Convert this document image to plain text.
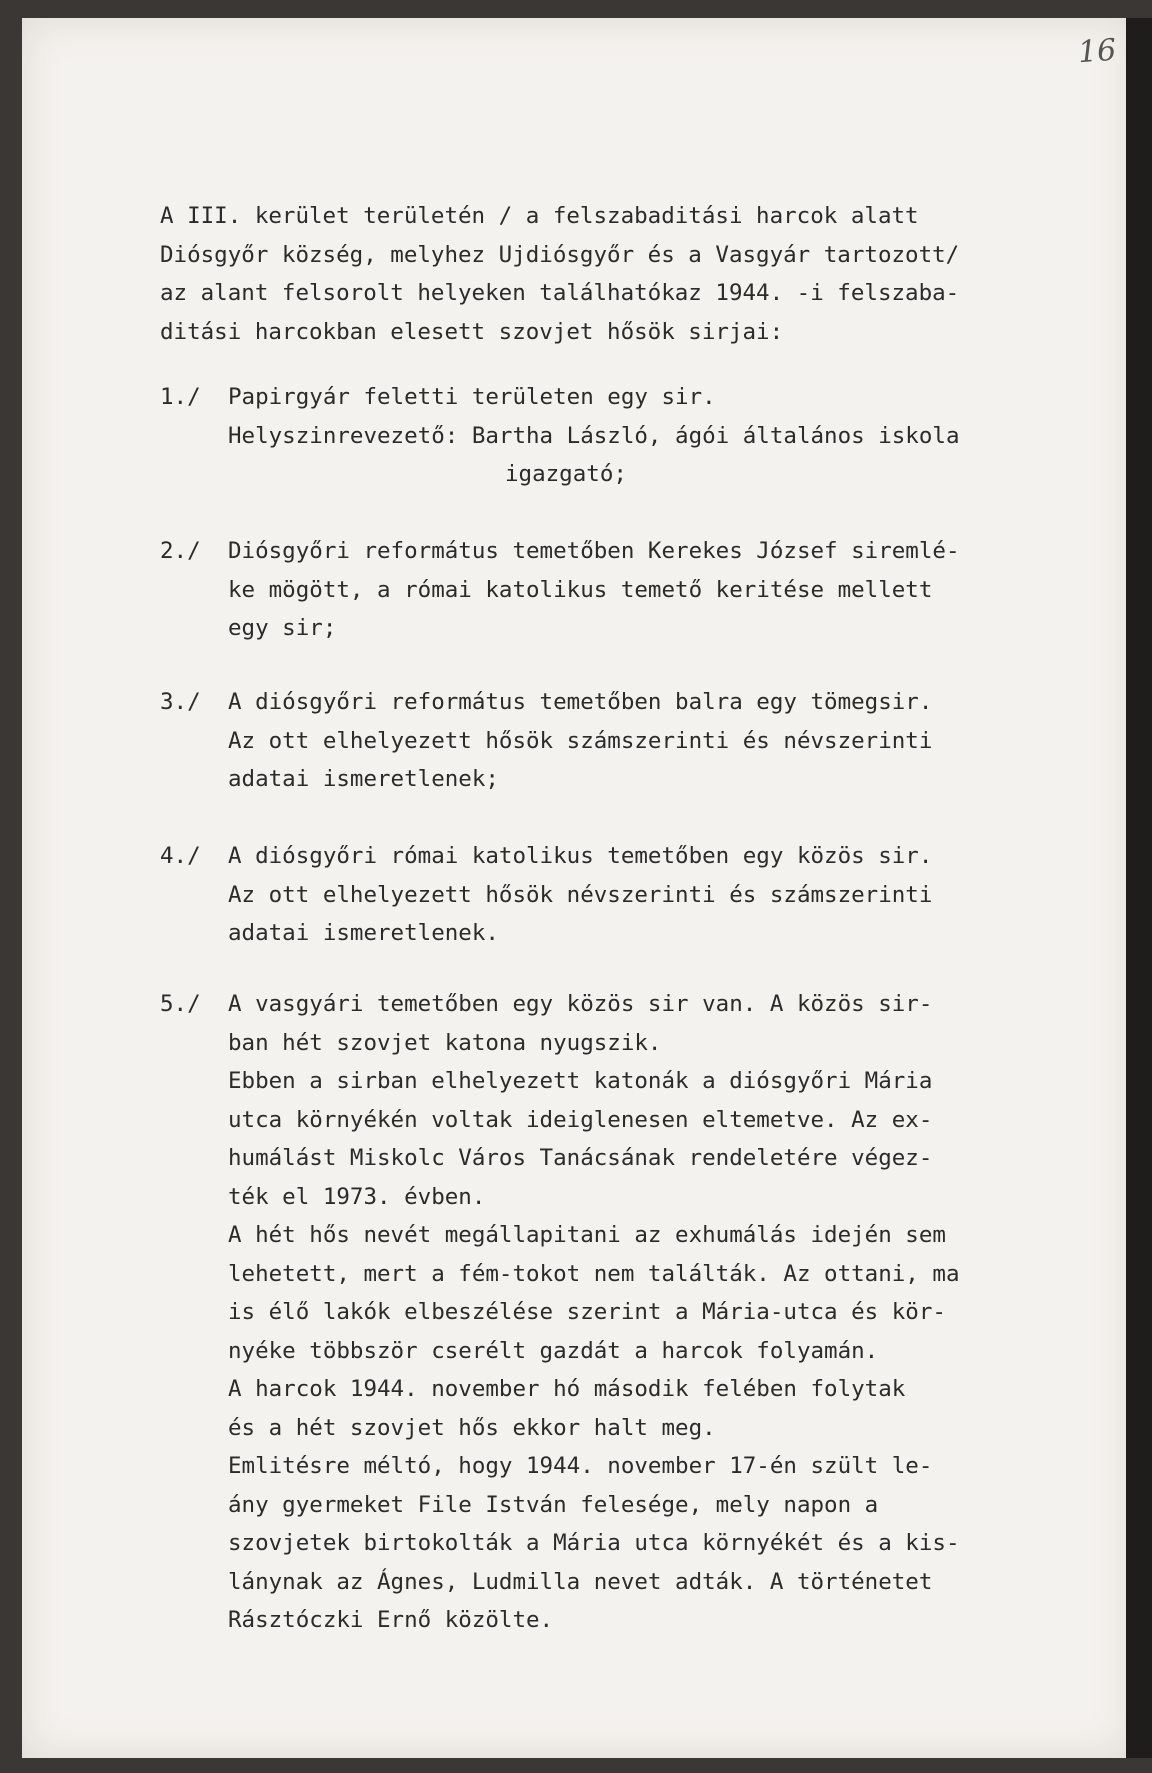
16
A III. kerület területén / a felszabaditási harcok alatt
Diósgyőr község, melyhez Ujdiósgyőr és a Vasgyár tartozott/
az alant felsorolt helyeken találhatókaz 1944. -i felszaba-
ditási harcokban elesett szovjet hősök sirjai:
1./ Papirgyár feletti területen egy sir.
Helyszinrevezető: Bartha László, ágói általános iskola
igazgató;
2./ Diósgyőri református temetőben Kerekes József siremlé-
ke mögött, a római katolikus temető keritése mellett
egy sir;
3./ A diósgyőri református temetőben balra egy tömegsir.
Az ott elhelyezett hősök számszerinti és névszerinti
adatai ismeretlenek;
4./ A diósgyőri római katolikus temetőben egy közös sir.
Az ott elhelyezett hősök névszerinti és számszerinti
adatai ismeretlenek.
5./ A vasgyári temetőben egy közös sir van. A közös sir-
ban hét szovjet katona nyugszik.
Ebben a sirban elhelyezett katonák a diósgyőri Mária
utca környékén voltak ideiglenesen eltemetve. Az ex-
humálást Miskolc Város Tanácsának rendeletére végez-
ték el 1973. évben.
A hét hős nevét megállapitani az exhumálás idején sem
lehetett, mert a fém-tokot nem találták. Az ottani, ma
is élő lakók elbeszélése szerint a Mária-utca és kör-
nyéke többször cserélt gazdát a harcok folyamán.
A harcok 1944. november hó második felében folytak
és a hét szovjet hős ekkor halt meg.
Emlitésre méltó, hogy 1944. november 17-én szült le-
ány gyermeket File István felesége, mely napon a
szovjetek birtokolták a Mária utca környékét és a kis-
lánynak az Ágnes, Ludmilla nevet adták. A történetet
Rásztóczki Ernő közölte.
